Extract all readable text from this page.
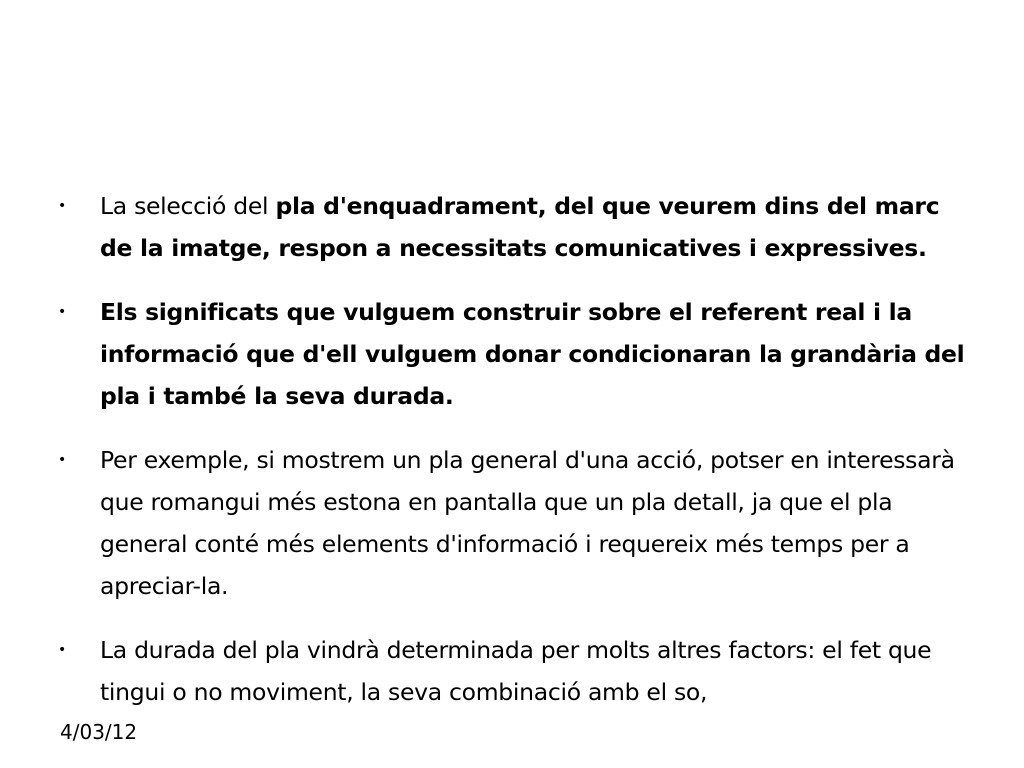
• La selecció del pla d'enquadrament, del que veurem dins del marc de la imatge, respon a necessitats comunicatives i expressives.
• Els significats que vulguem construir sobre el referent real i la informació que d'ell vulguem donar condicionaran la grandària del pla i també la seva durada.
• Per exemple, si mostrem un pla general d'una acció, potser en interessarà que romangui més estona en pantalla que un pla detall, ja que el pla general conté més elements d'informació i requereix més temps per a apreciar-la.
• La durada del pla vindrà determinada per molts altres factors: el fet que tingui o no moviment, la seva combinació amb el so,
4/03/12
